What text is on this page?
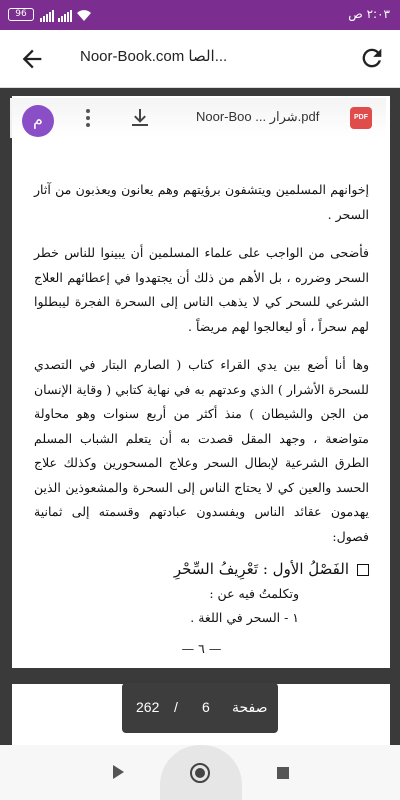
96	٢:٠٣ ص
Noor-Book.com الصا...

إخوانهم المسلمين ويتشفون برؤيتهم وهم يعانون ويعذبون من آثار السحر .

فأضحى من الواجب على علماء المسلمين أن يبينوا للناس خطر السحر وضرره ، بل الأهم من ذلك أن يجتهدوا في إعطائهم العلاج الشرعي للسحر كي لا يذهب الناس إلى السحرة الفجرة ليبطلوا لهم سحراً ، أو ليعالجوا لهم مريضاً .

وها أنا أضع بين يدي القراء كتاب ( الصارم البتار في التصدي للسحرة الأشرار ) الذي وعدتهم به في نهاية كتابي ( وقاية الإنسان من الجن والشيطان ) منذ أكثر من أربع سنوات وهو محاولة متواضعة ، وجهد المقل قصدت به أن يتعلم الشباب المسلم الطرق الشرعية لإبطال السحر وعلاج المسحورين وكذلك علاج الحسد والعين كي لا يحتاج الناس إلى السحرة والمشعوذين الذين يهدمون عقائد الناس ويفسدون عبادتهم وقسمته إلى ثمانية فصول:

الفَصْلُ الأول : تَعْرِيفُ السِّحْرِ

وتكلمتُ فيه عن :

١ - السحر في اللغة .

— ٦ —

م	Noor-Boo ... شرار.pdf	PDF
262 / 6 صفحة
